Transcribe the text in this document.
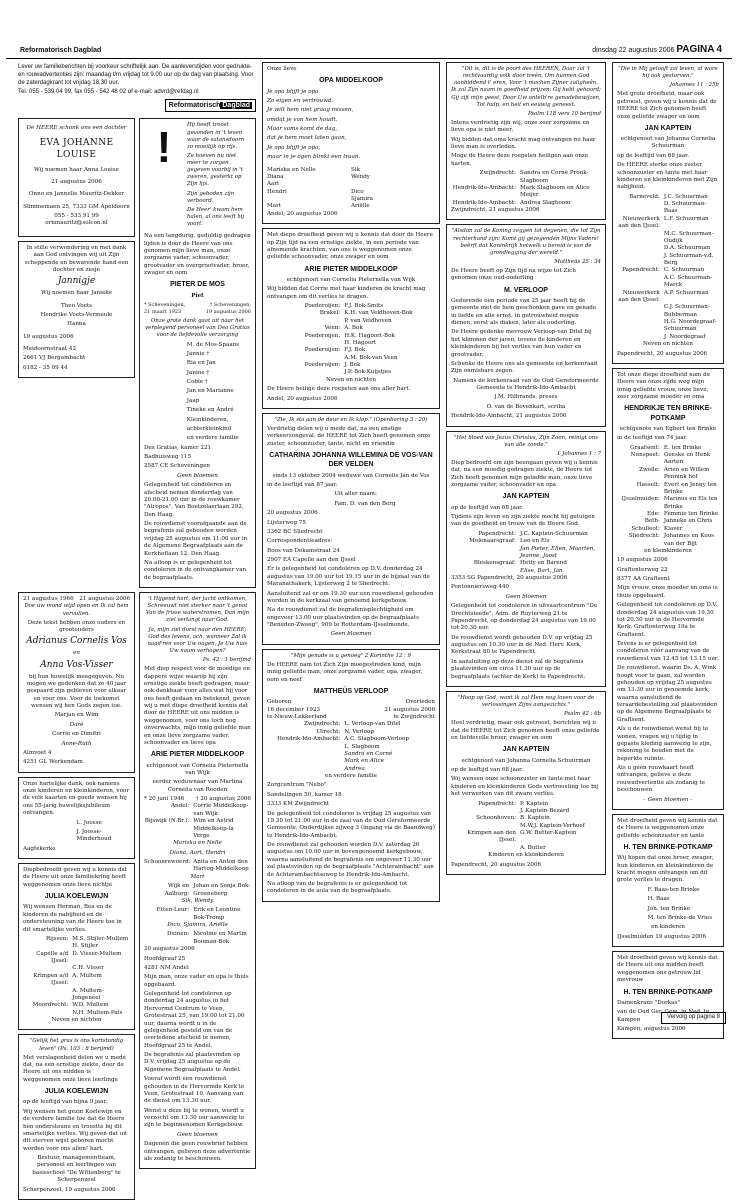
Reformatorisch Dagblad	dinsdag 22 augustus 2006 PAGINA 4

Lever uw familieberichten bij voorkeur schriftelijk aan. De aanleverstijden voor gedrukte- en rouwadvertenties zijn: maandag t/m vrijdag tot 9.00 uur op de dag van plaatsing. Voor de zaterdagkrant tot vrijdag 18.30 uur.

Tel. 055 - 539 04 99, fax 055 - 542 48 02 of e-mail: advrd@refdag.nl

Reformatorisch Dagblad

De HEERE schonk ons een dochter

EVA JOHANNE LOUISE

Wij noemen haar Anna Louise

21 augustus 2006

Onno en Jannelie Mauritz-Dekker

Slimmemaen 25, 7333 GM Apeldoorn

055 - 533 91 99 ornmauritz@solcon.nl

In stille verwondering en met dank aan God ontvingen wij uit Zijn scheppende en bewarende hand een dochter en zusje

Jannigje

Wij noemen haar Janieke

Theo Voets

Hendrike Voets-Vermeule

Hanna

19 augustus 2006

Meidoornstraat 42

2661 VJ Bergambacht

0182 - 35 09 44

!	Hij heeft troost gevonden in 't leven waar de satansdoorn zo moeilijk op rijs.

Ze hoeven nu niet meer te zorgen gegeven voorbij in 't zweren, gesterkt op Zijn lijs.

Zijn geboden zijn verboord.

De Heer' kwam hem halen, al ons leeft hij voort.

Na een langdurig, geduldig gedragen lijden is door de Heere van ons genomen mijn lieve man, onze zorgzame vader, schoonvader, grootvader en overgrootvader, broer, zwager en oom

PIETER DE MOS

Piet

* Scheveningen,	† Scheveningen,
21 maart 1923	19 augustus 2006

Onze grote dank gaat uit naar het verplegend personeel van Dea Gratias voor de liefdevolle verzorging

M. de Mos-Spaans

Jannie †

Ria en Jan

Janine †

Cobie †

Jan en Marianne

Jaap

Tineke en André

Kleinkinderen,

achterkleinkind

en verdere familie

Des Gratias, kamer 221

Badhuisweg 115

2587 CE Scheveningen

Geen bloemen

Gelegenheid tot condoleren en afscheid nemen donderdag van 20.00-21.00 uur in de rouwkamer "Atropos", Van Boetzelaerlaan 292, Den Haag.

De rouwdienst voorafgaande aan de begrafenis zal gehouden worden vrijdag 25 augustus om 11.00 uur in de Algemene Begraafplaats aan de Kerkhoflaan 12, Den Haag.

Na afloop is er gelegenheid tot condoleren in de ontvangkamer van de begraafplaats.

21 augustus 1966	21 augustus 2006

Doe uw mond wijd open en Ik zal hem vervullen.

Deze tekst hebben onze ouders en grootouders

Adrianus Cornelis Vos

en

Anna Vos-Visser

bij hun huwelijk meegegeven. Nu mogen we gedenken dat ze 40 jaar gespaard zijn gebleven voor elkaar en voor ons. Voor de toekomst wensen wij hen Gods zegen toe.

Marjan en Wim

Darè

Corrie en Dimitri

Anne-Ruth

Almvoet 4

4251 GL Werkendam

Onze hartelijke dank, ook namens onze kinderen en kleinkinderen, voor de vele kaarten en goede wensen bij ons 55-jarig huwelijksjubileum ontvangen.

L. Joosse

J. Joosse-Minderhoud

Aagtekerke

Diepbedroefd geven wij u kennis dat de Heere uit onze familiekring heeft weggenomen onze lieve nichtje

JULIA KOELEWIJN

Wij wensen Herman, Bea en de kinderen de nabijheid en de ondersteuning van de Heere toe in dit smartelijke verlies.

Rijssen: M.S. Stijler-Multem
H. Stijler
Capelle a/d IJssel:
D. Visser-Multem
C.H. Visser
Krimpen a/d IJssel:
A. Multem
A. Multem-Jongeneel
Moordrecht: W.D. Multem
N.H. Multem-Pals

Neven en nichten

"Gelijk het gras is ons kortstondig leven" (Ps. 103 : 8 berijmd)

Met verslagenheid delen we u mede dat, na een ernstige ziekte, door de Heere uit ons midden is weggenomen onze lieve leerlinge

JULIA KOELEWIJN

op de leeftijd van bijna 9 jaar.

Wij wensen het gezin Koelewijn en de verdere familie toe dat de Heere hen ondersteune en troostte bij dit smartelijke verlies. Wij geven dat uit dit sterven wijst geboren mocht worden voor ons allen! hart.

Bestuur, managementteam, personeel en leerlingen van basisschool "De Wittenberg" te Scherpenzeel

Scherpenzeel, 19 augustus 2006

't Hijgend hart, der jacht ontkomen, Schreeuwt niet sterker naar 't genot Van de frisse waterstromen, Dan mijn ziel verlangt naar God.

Ja, mijn ziel dorst naar den HEERE; God des levens, ach, wanneer Zal ik naad'ren voor Uw oogen, Je Uw huis Uw naam verhogen?

Ps. 42 : 1 berijmd

Met diep respect voor de moedige en dappere wijze waarop hij zijn ernstige ziekte heeft gedragen, maar ook dankbaar voor alles wat hij voor ons heeft gedaan en betekend, geven wij u met diepe droefheid kennis dat door de HEERE uit ons midden is weggenomen, voor ons toch nog onverwachts, mijn innig geliefde man en onze lieve zorgzame vader, schoonvader en lieve opa

ARIE PIETER MIDDELKOOP

echtgenoot van Cornelia Pieternella van Wijk

eerder weduwnaar van Martina Cornelia van Rooden

* 20 juni 1946	† 20 augustus 2006
Andel: Corrie Middelkoop-van Wijk
Bijswijk (N.Br.): Wim en Astrid Middelkoop-la Verge

Mariska en Nelle

Diana, Aart, Hendri

Schoonrewoerd: Anita en Anton den Hartog-Middelkoop

Mart

Wijk en Aalburg:
Johan en Sonja Bok-Groeneberg

Sik, Wendy

Etten-Leur: Erik en Leontine Bok-Tromp

Dico, Sjamira, Ariëlle

Duinen: Nicoline en Martin Bouman-Bok

20 augustus 2006

Hoofdgraaf 25

4281 NM Andel

Mijn man, onze vader en opa is thuis opgebaard.

Gelegenheid tot condoleren op donderdag 24 augustus in het Hervormd Centrum te Veen, Grotestraat 25, van 19.00 tot 21.00 uur, daarna wordt u in de gelegenheid gesteld om van de overledene afscheid te nemen, Hoofdgraaf 25 te Andel.

De begrafenis zal plaatsvinden op D.V. vrijdag 25 augustus op de Algemene Begraafplaats te Andel.

Voeraf wordt een rouwdienst gehouden in de Hervormde Kerk te Veen, Grotestraat 19. Aanvang van de dienst om 13.30 uur.

Wenst u deze bij te wonen, wordt u verzocht om 13.30 uur aanwezig te zijn te beginnenomen Kerkgebouw.

Geen bloemen

Dagenen die geen rouwbrief hebben ontvangen, gelieven deze advertentie als zodanig te beschouwen.

Onze lieve

OPA MIDDELKOOP

Je opa blijft je opa

Zo eigen en vertrouwd.

Je wilt hem niet graag missen,

omdat je van hem houdt.

Maar soms komt de dag,

dat je hem moet laten gaan,

Je opa blijft je opa,

maar in je ogen blinkt een traan.

Mariska en Nelle	Sik
Diana	Wendy
Aart
Hendri	Dico
Sjamira
Mart	Ariëlle

Andel, 20 augustus 2006

Met diepe droefheid geven wij u kennis dat door de Heere op Zijn tijd na een ernstige ziekte, in een periode van afnemende krachten, van ons is weggenomen onze geliefde schoonvader, onze zwager en oom

ARIE PIETER MIDDELKOOP

echtgenoot van Cornelia Pieternella van Wijk

Wij bidden dat Corrie met haar kinderen de kracht mag ontvangen om dit verlies te dragen.

Poederoijen: F.J. Bok-Smits
Brakel: K.H. van Veldhoven-Bok
P. van Veldhoven
Veen: A. Bok
Poederoijen: H.K. Hagoort-Bok
H. Hagoort
Poederoijen: F.J. Bok
A.M. Bok-van Veen
Poederoijen: J. Bok
J.P. Bok-Kuijstjes

Neven en nichten

De Heere heilige deze roepsten aan ons aller hart.

Andel, 20 augustus 2006

"Zie, Ik sta aan de deur en Ik klop." (Openbaring 3 : 20)

Verdrietig delen wij u mede dat, na een enstige verkeersongeval, de HEERE tot Zich heeft genomen onze zuster, schoonzuster, tante, nicht en vriendin

CATHARINA JOHANNA WILLEMINA DE VOS-VAN DER VELDEN

sinds 13 oktober 2004 weduwe van Cornelis Jan de Vos

in de leeftijd van 87 jaar.

Uit aller naam:

Fam. D. van den Berg

20 augustus 2006

Lijsterweg 75

3362 BC Sliedrecht

Correspondentieadres:

Roos van Dekamstraat 24

2907 EA Capelle aan den IJssel

Er is gelegenheid tot condoleren op D.V. donderdag 24 augustus van 19.00 uur tot 19.15 uur in de bijzaal van de Maranathakerk, Lijsterweg 2 te Sliedrecht.

Aansluitend zal er om 19.30 uur een rouwdienst gehouden worden in de kerkzaal van genoemd kerkgebouw.

Na de rouwdienst zal de begrafenisplechtigheid om ongeveer 13.00 uur plaatsvinden op de begraafplaats "Beneden-Zweeg", 909 te Rotterdam-IJsselmonde.

Geen bloemen

"Mijn genade is u genoeg" 2 Korinthe 12 : 9

De HEERE nam tot Zich Zijn moegestreden kind, mijn innig geliefde man, onze zorgzame vader, opa, zwager, oom en neef

MATTHEÜS VERLOOP

Geboren	Overleden
16 december 1923	21 augustus 2006
te Nieuw-Lekkerland	te Zwijndrecht
Zwijndrecht: L. Verloop-van Ditel
Utrecht: N. Verloop
Hendrik-Ido-Ambacht: A.C. Slagboom-Verloop
L. Slagboom
Sandra en Corné
Mark en Alice
Andrea

en verdere familie

Zorgcentrum "Nebo"

Sandelingen 50, kamer 18

3333 KM Zwijndrecht

De gelegenheid tot condoleren is vrijdag 25 augustus van 19.30 tot 21.00 uur in de zaal van de Oud Gereformeerde Gemeente, Onderdijkse zijweg 3 (ingang via de Baandweg) te Hendrik-Ido-Ambacht.

De rouwdienst zal gehouden worden D.V. zaterdag 26 augustus om 10.00 uur in bovengenoemd kerkgebouw, waarna aansluitend de begrafenis om ongeveer 11.30 uur zal plaatsvinden op de begraafplaats "Achterambacht" aan de Achterambachtseweg te Hendrik-Ido-Ambacht.

Na afloop van de begrafenis is er gelegenheid tot condoleren in de aula van de begraafplaats.

"Dit is, dit is de poort des HEEREN, Daar zal 't rechtvaardig volk door treên, Om hunnen God aanbiddend t' eren, Voor 't machen Zijner zaligheên. Ik zal Zijn naam in goedheid prijzen; Gij hebt gehoord; Gij zijt mijn geest, Door Uw ontelb're genadebewijzen, Tot hulp, en heil en eeuwig geneest.

Psalm 118 vers 10 berijmd

Intens verdrietig zijn wij, onze zeer zorgzame en lieve opa is niet meer.

Wij bidden dat oma kracht mag ontvangen nu haar lieve man is overleden.

Moge de Heere deze roepsten heiligen aan onze harten.

Zwijndrecht: Sandra en Corné Pronk-Slagboom
Hendrik-Ido-Ambacht: Mark Slagboom en Alice Meijer
Hendrik-Ido-Ambacht: Andrea Slagboom

Zwijndrecht, 21 augustus 2006

"Alsdan zal de Koning zeggen tot degenen, die tot Zijn rechterhand zijn: Komt gij gezegenden Mijns Vaders! beërft dat Koninkrijk hetwelk u bereid is van de grondlegging der wereld."

Mattheüs 25 : 34

De Heere heeft op Zijn tijd na wijze tot Zich genomen onze oud-ouderling

M. VERLOOP

Gedurende een periode van 25 jaar heeft hij de gemeente met de hem geschonken gave en genade in liefde en alle ernst, in getrouwheid mogen dienen, eerst als diaken, later als ouderling.

De Heere gedenke mevrouw Verloop-van Ditel bij het klimmen der jaren, tevens de kinderen en kleinkinderen bij het verlies van hun vader en grootvader.

Schenke de Heere ons als gemeente en kerkenraad Zijn onmisbare zegen.

Namens de kerkenraad van de Oud Gereformeerde Gemeente te Hendrik-Ido-Ambacht

J.M. Hilbrands, preses

O. van de Bovenkart, scriba

Hendrik-Ido-Ambacht, 21 augustus 2006

"Het bloed van Jezus Christus, Zijn Zoon, reinigt ons van alle zonde."

1 Johannes 1 : 7

Diep bedroefd om zijn heengaan geven wij u kennis dat, na een moedig gedragen ziekte, de Heere tot Zich heeft genomen mijn geliefde man, onze lieve zorgzame vader, schoonvader en opa

JAN KAPTEIN

op de leeftijd van 68 jaar.

Tijdens zijn leven en zijn ziekte mocht hij getuigen van de goedheid en trouw van de Heere God.

Papendrecht: J.C. Kaptein-Schuurman
Molenaarsgraaf: Leo en Els
Jan Pieter, Ellen, Maarten, Jeanne, Joost
Bleskensgraaf: Hetty en Barend
Elise, Bart, Jan

3353 SG Papendrecht, 20 augustus 2006

Pontonniersweg 440

Geen bloemen

Gelegenheid tot condoleren in uitvaartcentrum "De Drechtsteede", Adm. de Ruyterweg 21 te Papendrecht, op donderdag 24 augustus van 19.00 tot 20.30 uur.

De rouwdienst wordt gehouden D.V. op vrijdag 25 augustus om 10.30 uur in de Ned. Herv. Kerk, Kerkstraat 80 te Papendrecht.

In aansluiting op deze dienst zal de begrafenis plaatsvinden om circa 11.30 uur op de begraafplaats (achter de Kerk) te Papendrecht.

"Hoop op God, want ik zal Hem nog loven voor de verlossingen Zijns aangezichts."

Psalm 42 : 6b

Heel verdrietig, maar ook getroost, berichten wij u dat de HEERE tot Zich genomen heeft onze geliefde en liefdevolle broer, zwager en oom

JAN KAPTEIN

echtgenoot van Johanna Cornelia Schuurman

op de leeftijd van 68 jaar.

Wij wensen onze schoonzuster en tante met haar kinderen en kleinkinderen Gods vertroosting toe bij het verwerken van dit zware verlies.

Papendrecht: P. Kaptein
J. Kaptein-Bezard
Schoonhoven: B. Kaptein
M.W.J. Kaptein-Verhoef
Krimpen aan den IJssel:
G.W. Butter-Kaptein
A. Butter

Kinderen en kleinkinderen

Papendrecht, 20 augustus 2006

"Die in Mij gelooft zal leven, al ware hij ook gestorven."

Johannes 11 : 25b

Met grote droefheid, maar ook getroost, geven wij u kennis dat de HEERE tot Zich genomen heeft onze geliefde zwager en oom

JAN KAPTEIN

echtgenoot van Johanna Cornelia Schuurman

op de leeftijd van 68 jaar.

De HEERE sterke onze zuster, schoonzuster en tante met haar kinderen en kleinkinderen met Zijn nabijheid.

Barneveld: J.C. Schuurman
D. Schuurman-Baas
Nieuwerkerk aan den IJssel:
L.F. Schuurman
M.C. Schuurman-Oudijk
D.A. Schuurman
J. Schuurman-v.d. Berg
Papendrecht: C. Schuurman
A.C. Schuurman-Marck
Nieuwerkerk aan den IJssel:
A.P. Schuurman
C.J. Schuurman-Bubberman
H.G. Noordegraaf-Schuurman
J. Noordegraaf

Neven en nichten

Papendrecht, 20 augustus 2006

Tot onze diepe droefheid nam de Heere van onze zijde weg mijn innig geliefde vrouw, onze lieve, zeer zorgzame moeder en oma

HENDRIKJE TEN BRINKE-POTKAMP

echtgenote van Egbert ten Brinke

in de leeftijd van 74 jaar.

Graafsent: E. ten Brinke
Nunspeet: Geeske en Henk Aarten
Zwolle: Arien en Willem Pennink hof
Hasselt: Evert en Jenny ten Brinke
IJsselmuiden: Marinus en Els ten Brinke
Ede: Femmie ten Brinke
Beth-Schulleot:
Janneke en Chris Klaver
Sliedrecht: Johannes en Koos van der Bijt

en kleinkinderen

19 augustus 2006

Graftonterweg 22

8377 AA Graftsent

Mijn vrouw, onze moeder en oma is thuis opgebaard.

Gelegenheid tot condoleren op D.V. donderdag 24 augustus van 19.30 tot 20.30 uur in de Hervormde Kerk, Graftonterweg 19a te Graftsent.

Tevens is er gelegenheid tot condoleren vóór aanvang van de rouwdienst van 12.45 tot 13.15 uur.

De rouwdienst, waarin Ds. A. Wink hoopt voor te gaan, zal worden gehouden op vrijdag 25 augustus om 13.30 uur in genoemde kerk, waarna aansluitend de teraardebestelling zal plaatsvinden op de Algemene Begraafplaats te Graftsent.

Als u de rouwdienst wenst bij te wonen, vragen wij u tijdig in gepaste kleding aanwezig te zijn, rekening te houden met de beperkte ruimte.

Als u géén rouwkaart heeft ontvangen, gelieve u deze rouwadvertentie als zodanig te beschouwen.

– Geen bloemen –

Met droefheid geven wij kennis dat de Heere is weggenomen onze geliefde schoonzuster en tante

H. TEN BRINKE-POTKAMP

Wij hopen dat onze broer, zwager, hun kinderen en kleinkinderen de kracht mogen ontvangen om dit grote verlies te dragen.

F. Baas-ten Brinke

H. Baas

Joh. ten Brinke

M. ten Brinke-de Vries

en kinderen

IJsselmuiden 19 augustus 2006

Met droefheid geven wij kennis dat de Heere uit ons midden heeft weggenomen ons getrouw lid mevrouw

H. TEN BRINKE-POTKAMP

Damenkrans "Dorkas"

van de Oud Ger. Gem. in Ned. te Kampen

Kampen, augustus 2006

Vervolg op pagina 8
